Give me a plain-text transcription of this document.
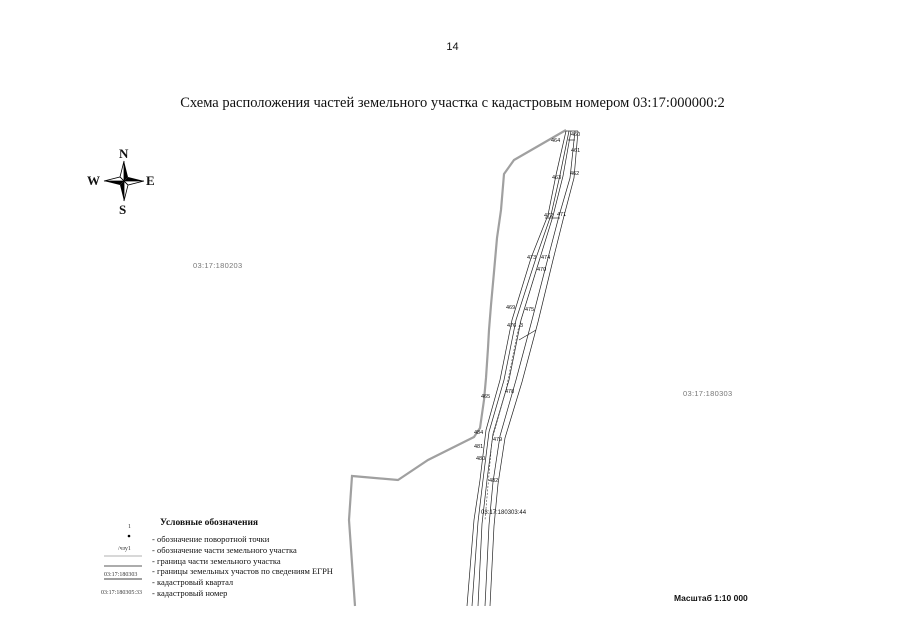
14
Схема расположения частей земельного участка с кадастровым номером 03:17:000000:2
460
464
461
462
463
472 471
473 474
470
469 475
476 3
465
478
484
479
481
480
482
03:17:180203
03:17:180303
03:17:180303:44
N
S
W	E
Условные обозначения
1
- обозначение поворотной точки
/чзу1 - обозначение части земельного участка
- граница части земельного участка
- границы земельных участов по сведениям ЕГРН
03:17:180303
- кадастровый квартал
03:17:180305:33 - кадастровый номер	Масштаб 1:10 000
